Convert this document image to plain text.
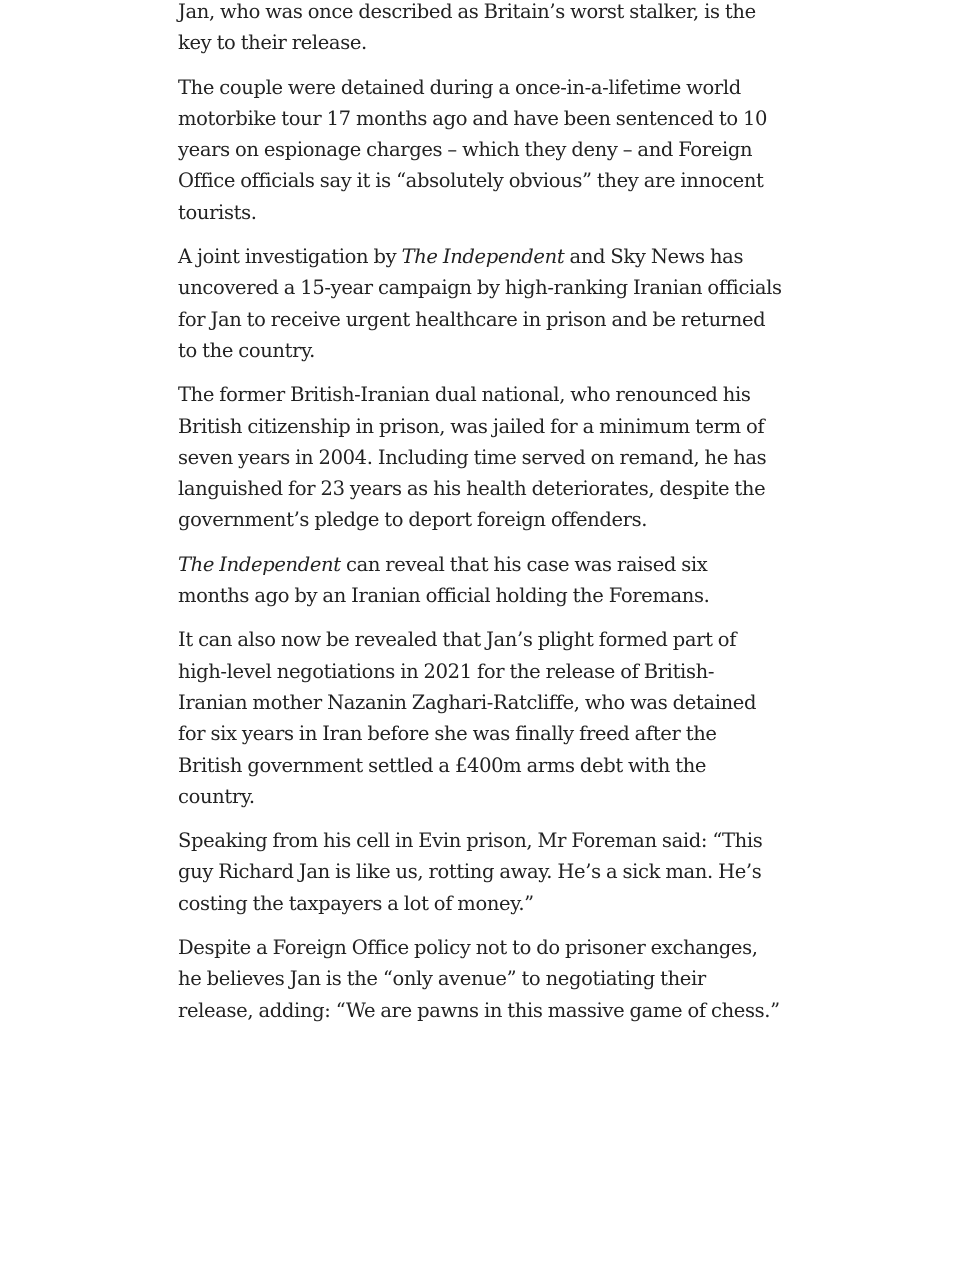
Jan, who was once described as Britain’s worst stalker, is the key to their release.

The couple were detained during a once-in-a-lifetime world motorbike tour 17 months ago and have been sentenced to 10 years on espionage charges – which they deny – and Foreign Office officials say it is “absolutely obvious” they are innocent tourists.

A joint investigation by The Independent and Sky News has uncovered a 15-year campaign by high-ranking Iranian officials for Jan to receive urgent healthcare in prison and be returned to the country.

The former British-Iranian dual national, who renounced his British citizenship in prison, was jailed for a minimum term of seven years in 2004. Including time served on remand, he has languished for 23 years as his health deteriorates, despite the government’s pledge to deport foreign offenders.

The Independent can reveal that his case was raised six months ago by an Iranian official holding the Foremans.

It can also now be revealed that Jan’s plight formed part of high-level negotiations in 2021 for the release of British-Iranian mother Nazanin Zaghari-Ratcliffe, who was detained for six years in Iran before she was finally freed after the British government settled a £400m arms debt with the country.

Speaking from his cell in Evin prison, Mr Foreman said: “This guy Richard Jan is like us, rotting away. He’s a sick man. He’s costing the taxpayers a lot of money.”

Despite a Foreign Office policy not to do prisoner exchanges, he believes Jan is the “only avenue” to negotiating their release, adding: “We are pawns in this massive game of chess.”
